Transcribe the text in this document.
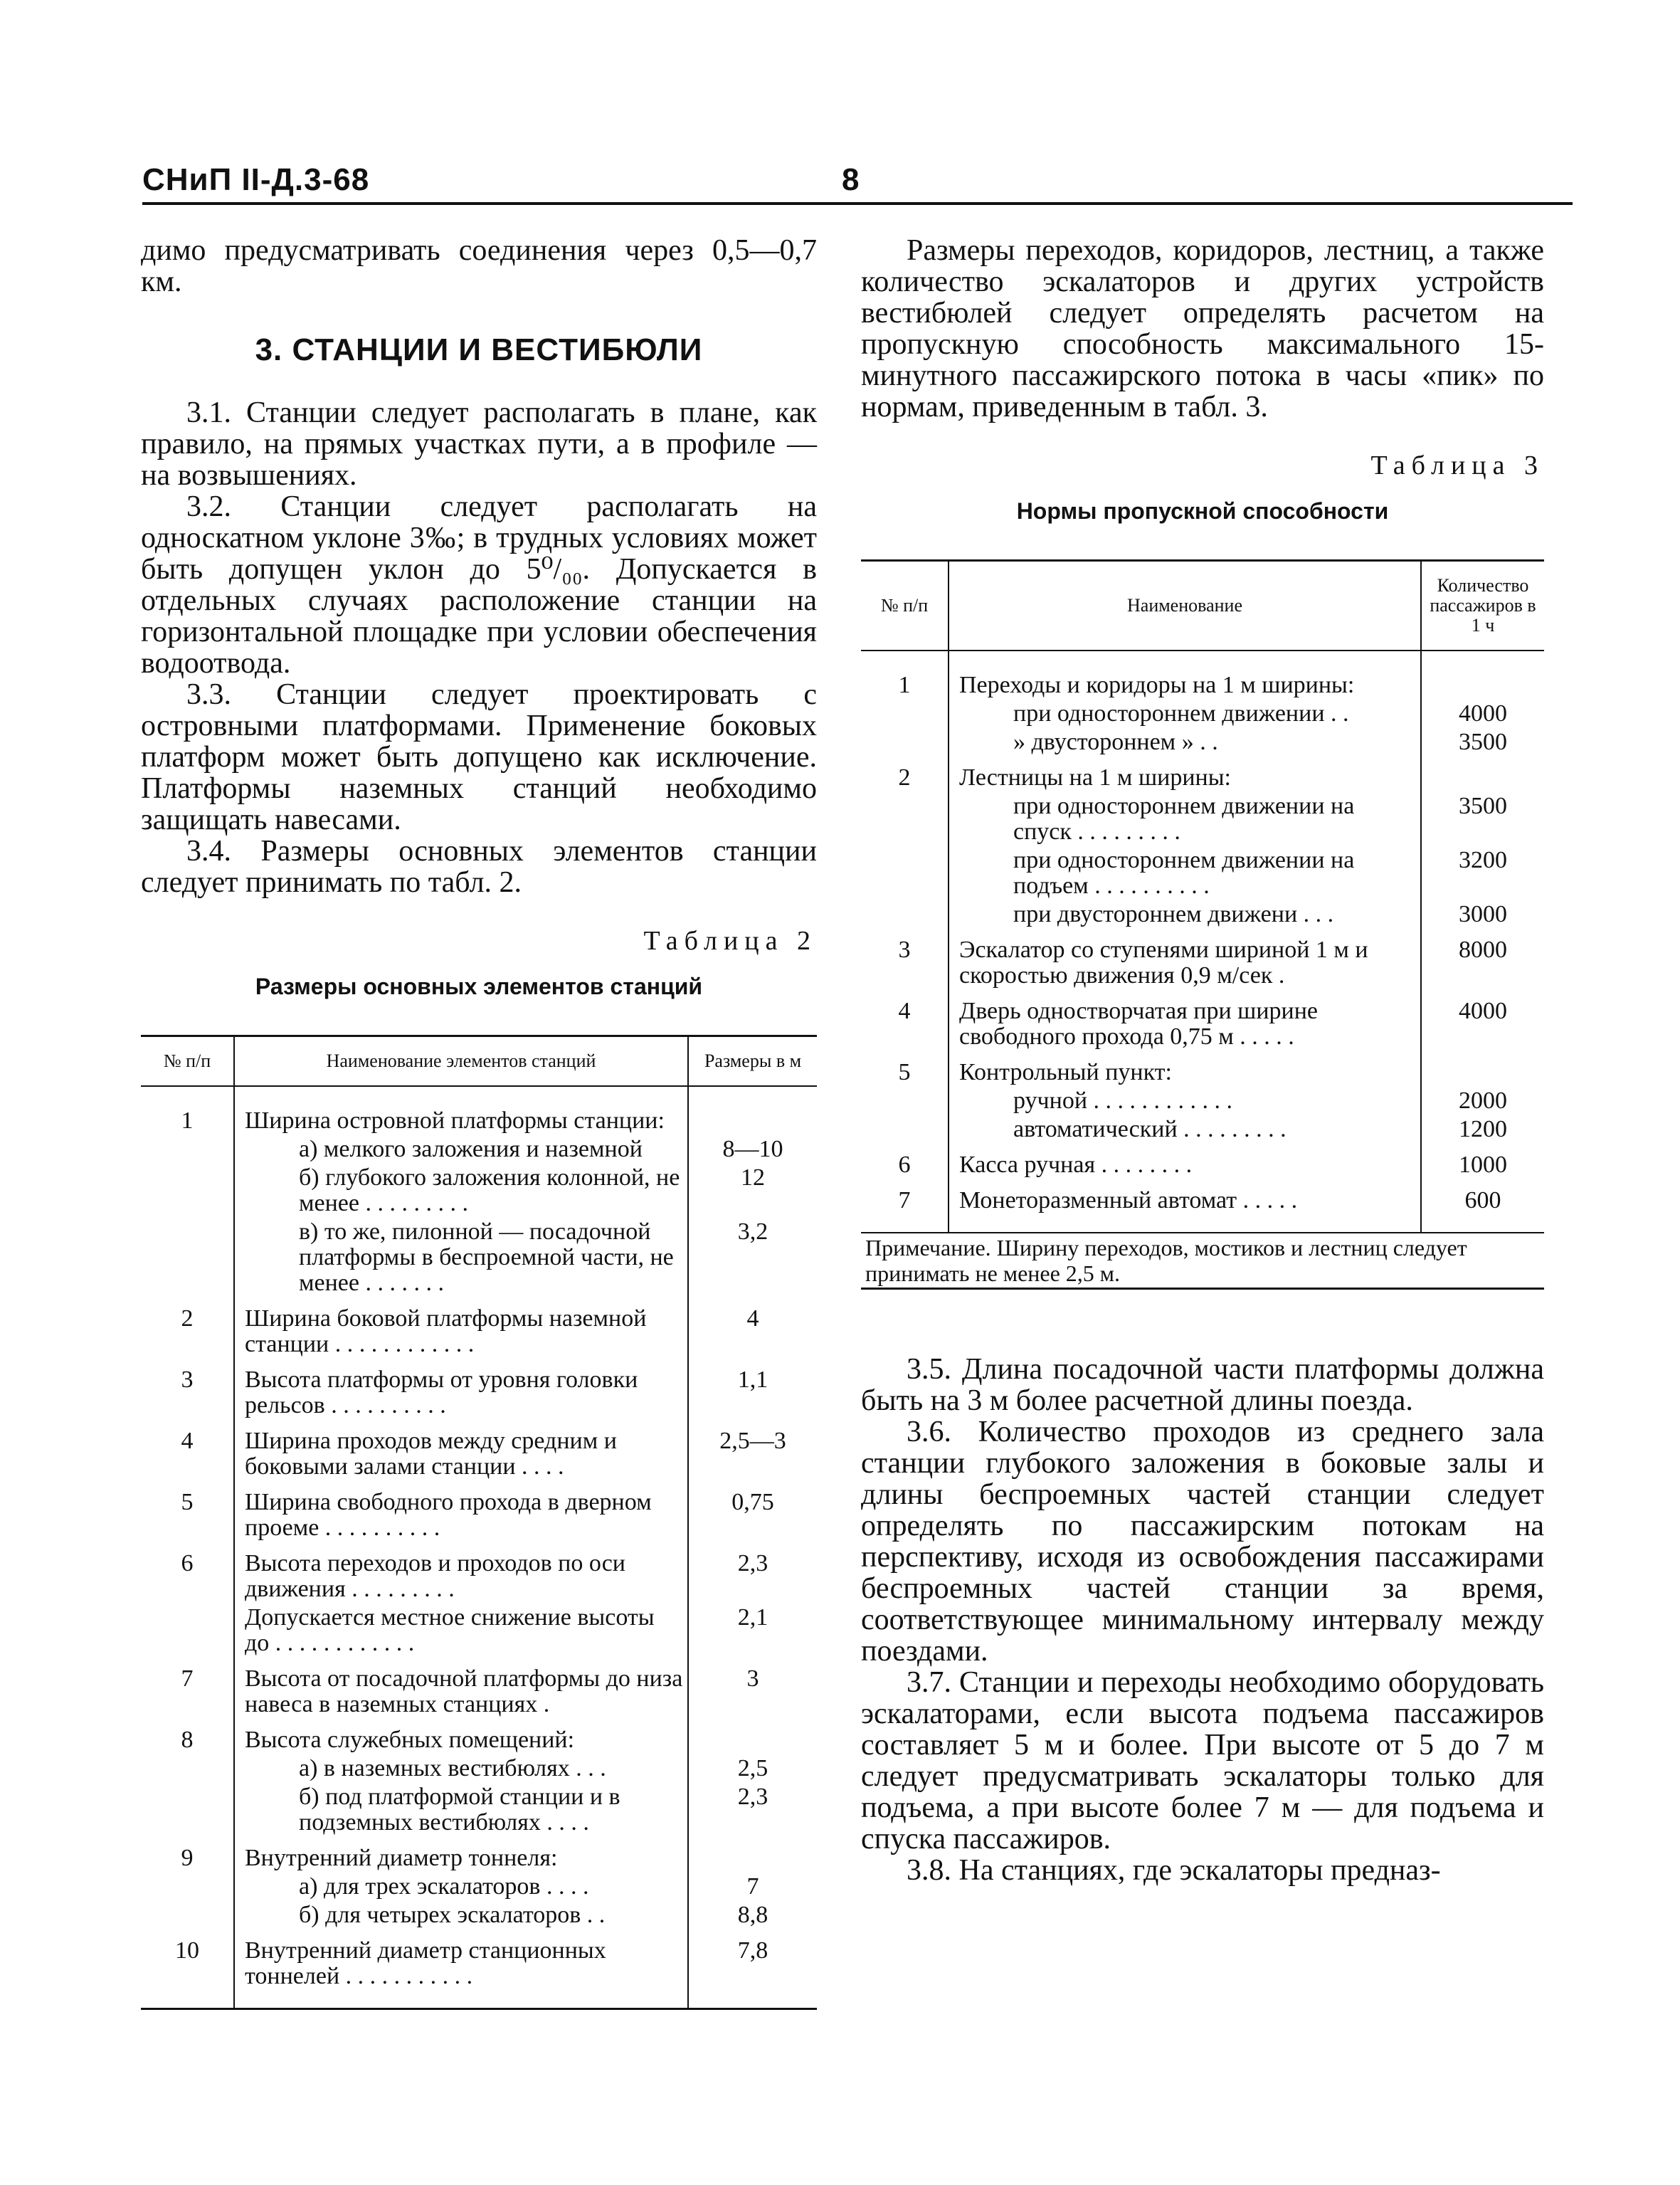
СНиП II-Д.3-68	8

димо предусматривать соединения через 0,5—0,7 км.

3. СТАНЦИИ И ВЕСТИБЮЛИ

3.1. Станции следует располагать в плане, как правило, на прямых участках пути, а в профиле — на возвышениях.

3.2. Станции следует располагать на односкатном уклоне 3‰; в трудных условиях может быть допущен уклон до 5⁰/₀₀. Допускается в отдельных случаях расположение станции на горизонтальной площадке при условии обеспечения водоотвода.

3.3. Станции следует проектировать с островными платформами. Применение боковых платформ может быть допущено как исключение. Платформы наземных станций необходимо защищать навесами.

3.4. Размеры основных элементов станции следует принимать по табл. 2.

Таблица 2
Размеры основных элементов станций
№ п/п	Наименование элементов станций	Размеры в м
1	Ширина островной платформы станции:	
	а) мелкого заложения и наземной	8—10
	б) глубокого заложения колонной, не менее . . . . . . . . .	12
	в) то же, пилонной — посадочной платформы в беспроемной части, не менее . . . . . . .	3,2
2	Ширина боковой платформы наземной станции . . . . . . . . . . . .	4
3	Высота платформы от уровня головки рельсов . . . . . . . . . .	1,1
4	Ширина проходов между средним и боковыми залами станции . . . .	2,5—3
5	Ширина свободного прохода в дверном проеме . . . . . . . . . .	0,75
6	Высота переходов и проходов по оси движения . . . . . . . . .	2,3
	Допускается местное снижение высоты до . . . . . . . . . . . .	2,1
7	Высота от посадочной платформы до низа навеса в наземных станциях .	3
8	Высота служебных помещений:	
	а) в наземных вестибюлях . . .	2,5
	б) под платформой станции и в подземных вестибюлях . . . .	2,3
9	Внутренний диаметр тоннеля:	
	а) для трех эскалаторов . . . .	7
	б) для четырех эскалаторов . .	8,8
10	Внутренний диаметр станционных тоннелей . . . . . . . . . . .	7,8

Размеры переходов, коридоров, лестниц, а также количество эскалаторов и других устройств вестибюлей следует определять расчетом на пропускную способность максимального 15-минутного пассажирского потока в часы «пик» по нормам, приведенным в табл. 3.

Таблица 3
Нормы пропускной способности
№ п/п	Наименование	Количество пассажиров в 1 ч
1	Переходы и коридоры на 1 м ширины:	
	при одностороннем движении . .	4000
	» двустороннем » . .	3500
2	Лестницы на 1 м ширины:	
	при одностороннем движении на спуск . . . . . . . . .	3500
	при одностороннем движении на подъем . . . . . . . . . .	3200
	при двустороннем движени . . .	3000
3	Эскалатор со ступенями шириной 1 м и скоростью движения 0,9 м/сек .	8000
4	Дверь одностворчатая при ширине свободного прохода 0,75 м . . . . .	4000
5	Контрольный пункт:	
	ручной . . . . . . . . . . . .	2000
	автоматический . . . . . . . . .	1200
6	Касса ручная . . . . . . . .	1000
7	Монеторазменный автомат . . . . .	600
Примечание. Ширину переходов, мостиков и лестниц следует принимать не менее 2,5 м.		

3.5. Длина посадочной части платформы должна быть на 3 м более расчетной длины поезда.

3.6. Количество проходов из среднего зала станции глубокого заложения в боковые залы и длины беспроемных частей станции следует определять по пассажирским потокам на перспективу, исходя из освобождения пассажирами беспроемных частей станции за время, соответствующее минимальному интервалу между поездами.

3.7. Станции и переходы необходимо оборудовать эскалаторами, если высота подъема пассажиров составляет 5 м и более. При высоте от 5 до 7 м следует предусматривать эскалаторы только для подъема, а при высоте более 7 м — для подъема и спуска пассажиров.

3.8. На станциях, где эскалаторы предназ-
